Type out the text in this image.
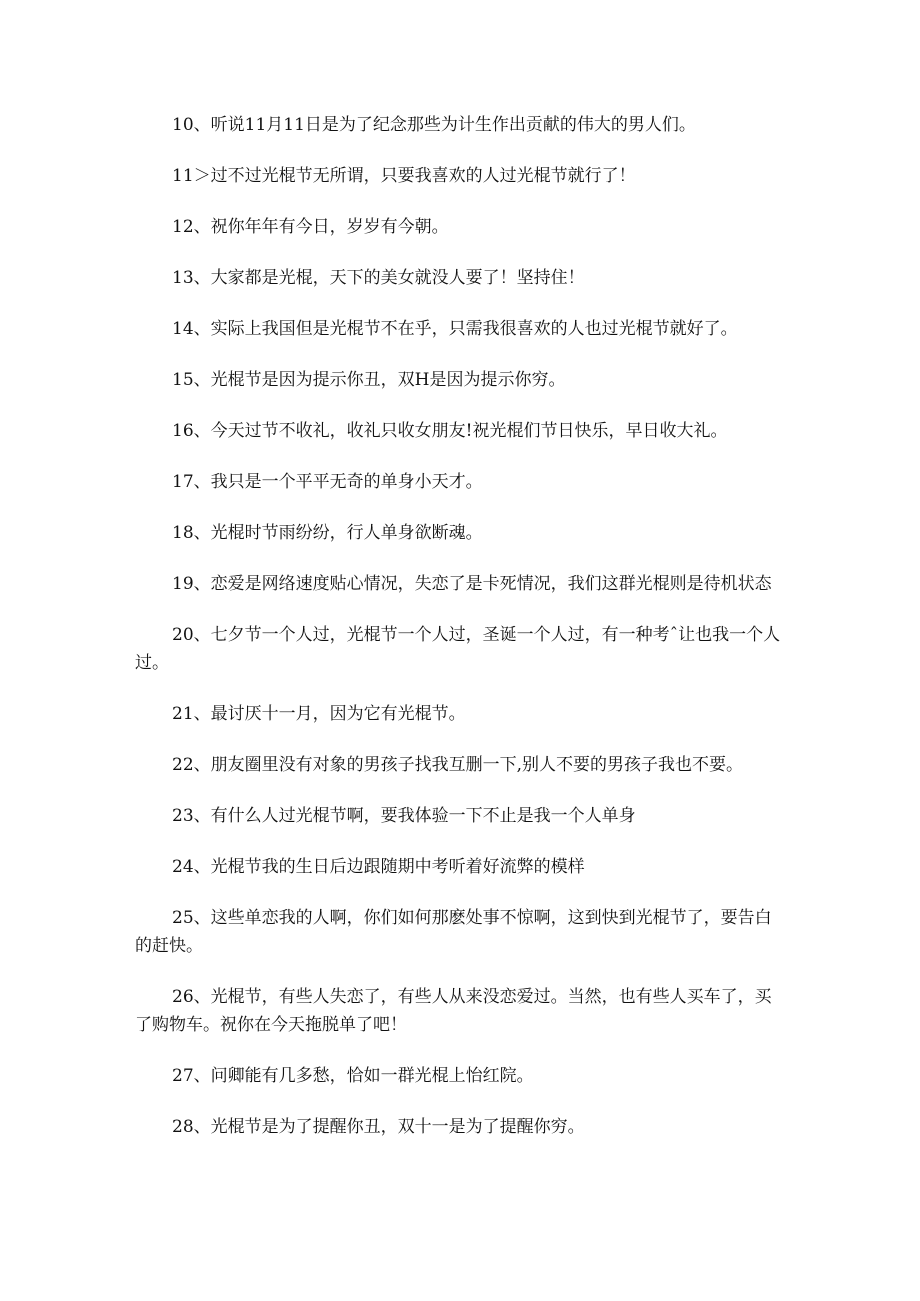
10、听说11月11日是为了纪念那些为计生作出贡献的伟大的男人们。

11＞过不过光棍节无所谓，只要我喜欢的人过光棍节就行了！

12、祝你年年有今日，岁岁有今朝。

13、大家都是光棍，天下的美女就没人要了！坚持住！

14、实际上我国但是光棍节不在乎，只需我很喜欢的人也过光棍节就好了。

15、光棍节是因为提示你丑，双H是因为提示你穷。

16、今天过节不收礼，收礼只收女朋友!祝光棍们节日快乐，早日收大礼。

17、我只是一个平平无奇的单身小天才。

18、光棍时节雨纷纷，行人单身欲断魂。

19、恋爱是网络速度贴心情况，失恋了是卡死情况，我们这群光棍则是待机状态

20、七夕节一个人过，光棍节一个人过，圣诞一个人过，有一种考ˆ让也我一个人过。

21、最讨厌十一月，因为它有光棍节。

22、朋友圈里没有对象的男孩子找我互删一下,别人不要的男孩子我也不要。

23、有什么人过光棍节啊，要我体验一下不止是我一个人单身

24、光棍节我的生日后边跟随期中考听着好流弊的模样

25、这些单恋我的人啊，你们如何那麽处事不惊啊，这到快到光棍节了，要告白的赶快。

26、光棍节，有些人失恋了，有些人从来没恋爱过。当然，也有些人买车了，买了购物车。祝你在今天拖脱单了吧！

27、问卿能有几多愁，恰如一群光棍上怡红院。

28、光棍节是为了提醒你丑，双十一是为了提醒你穷。
